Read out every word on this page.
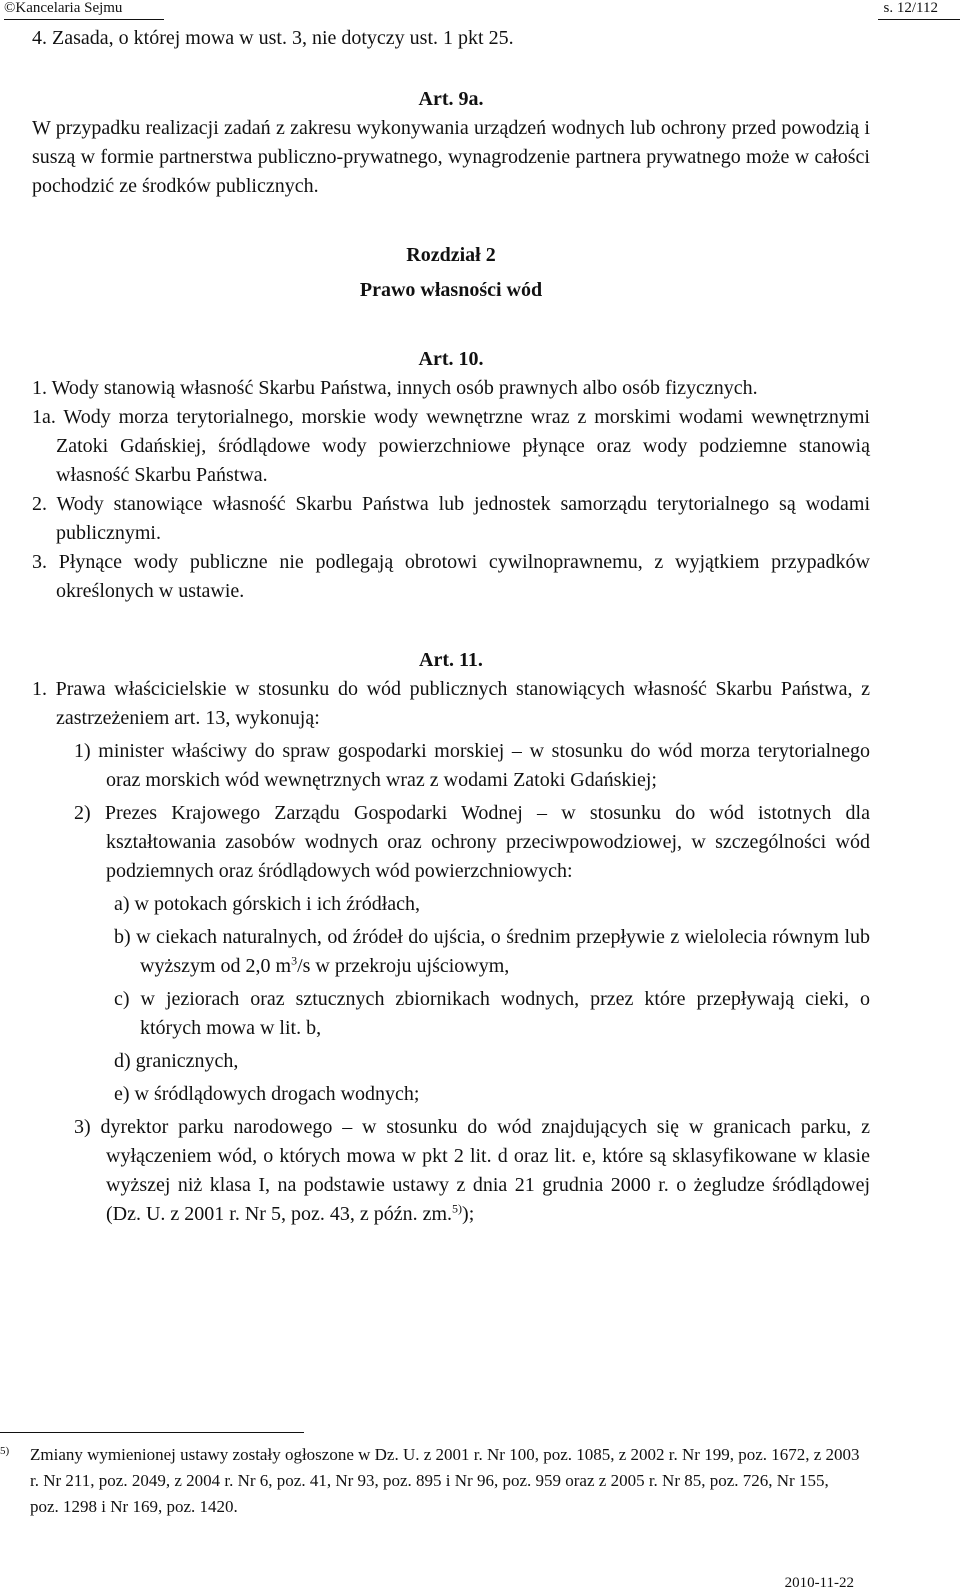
©Kancelaria Sejmu	s. 12/112

4. Zasada, o której mowa w ust. 3, nie dotyczy ust. 1 pkt 25.

Art. 9a.

W przypadku realizacji zadań z zakresu wykonywania urządzeń wodnych lub ochrony przed powodzią i suszą w formie partnerstwa publiczno-prywatnego, wynagrodzenie partnera prywatnego może w całości pochodzić ze środków publicznych.

Rozdział 2

Prawo własności wód

Art. 10.

1. Wody stanowią własność Skarbu Państwa, innych osób prawnych albo osób fizycznych.

1a. Wody morza terytorialnego, morskie wody wewnętrzne wraz z morskimi wodami wewnętrznymi Zatoki Gdańskiej, śródlądowe wody powierzchniowe płynące oraz wody podziemne stanowią własność Skarbu Państwa.

2. Wody stanowiące własność Skarbu Państwa lub jednostek samorządu terytorialnego są wodami publicznymi.

3. Płynące wody publiczne nie podlegają obrotowi cywilnoprawnemu, z wyjątkiem przypadków określonych w ustawie.

Art. 11.

1. Prawa właścicielskie w stosunku do wód publicznych stanowiących własność Skarbu Państwa, z zastrzeżeniem art. 13, wykonują:

1) minister właściwy do spraw gospodarki morskiej – w stosunku do wód morza terytorialnego oraz morskich wód wewnętrznych wraz z wodami Zatoki Gdańskiej;

2) Prezes Krajowego Zarządu Gospodarki Wodnej – w stosunku do wód istotnych dla kształtowania zasobów wodnych oraz ochrony przeciwpowodziowej, w szczególności wód podziemnych oraz śródlądowych wód powierzchniowych:

a) w potokach górskich i ich źródłach,

b) w ciekach naturalnych, od źródeł do ujścia, o średnim przepływie z wielolecia równym lub wyższym od 2,0 $m^3/s$ w przekroju ujściowym,

c) w jeziorach oraz sztucznych zbiornikach wodnych, przez które przepływają cieki, o których mowa w lit. b,

d) granicznych,

e) w śródlądowych drogach wodnych;

3) dyrektor parku narodowego – w stosunku do wód znajdujących się w granicach parku, z wyłączeniem wód, o których mowa w pkt 2 lit. d oraz lit. e, które są sklasyfikowane w klasie wyższej niż klasa I, na podstawie ustawy z dnia 21 grudnia 2000 r. o żegludze śródlądowej (Dz. U. z 2001 r. Nr 5, poz. 43, z późn. zm.$^{5)}$);

5)	Zmiany wymienionej ustawy zostały ogłoszone w Dz. U. z 2001 r. Nr 100, poz. 1085, z 2002 r. Nr 199, poz. 1672, z 2003 r. Nr 211, poz. 2049, z 2004 r. Nr 6, poz. 41, Nr 93, poz. 895 i Nr 96, poz. 959 oraz z 2005 r. Nr 85, poz. 726, Nr 155, poz. 1298 i Nr 169, poz. 1420.
2010-11-22
